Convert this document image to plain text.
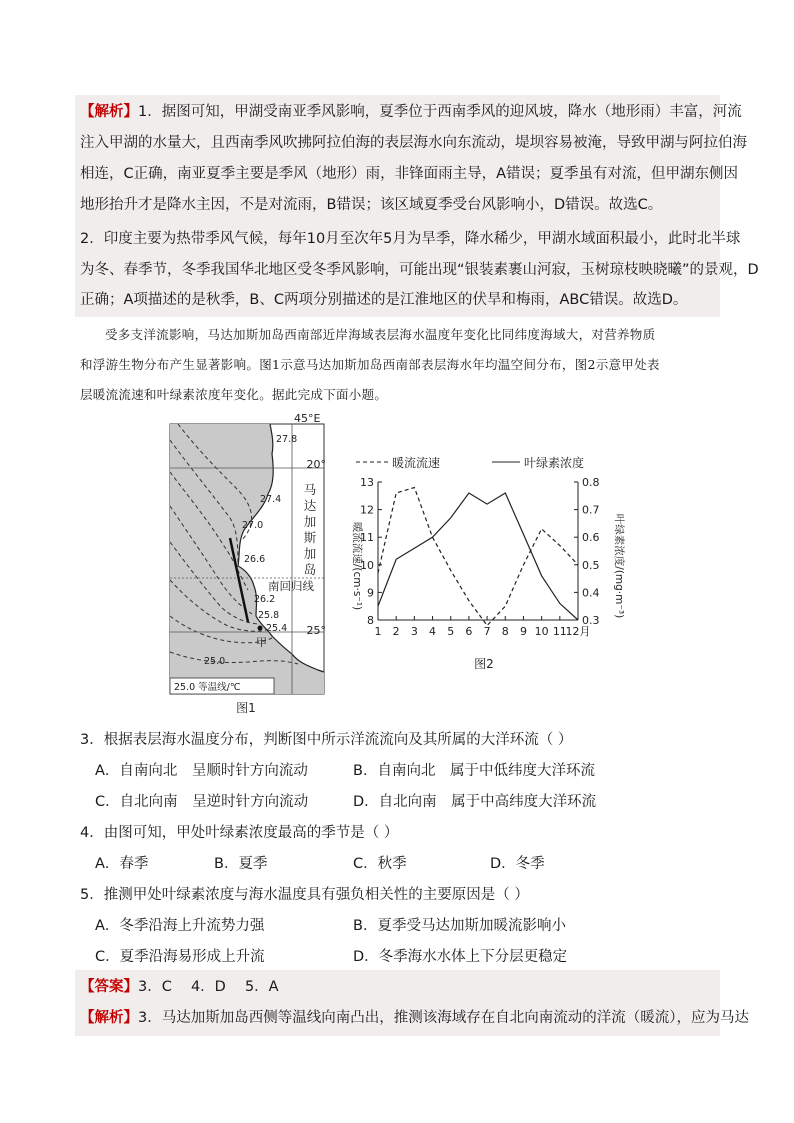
【解析】1．据图可知，甲湖受南亚季风影响，夏季位于西南季风的迎风坡，降水（地形雨）丰富，河流
注入甲湖的水量大，且西南季风吹拂阿拉伯海的表层海水向东流动，堤坝容易被淹，导致甲湖与阿拉伯海
相连，C正确，南亚夏季主要是季风（地形）雨，非锋面雨主导，A错误；夏季虽有对流，但甲湖东侧因
地形抬升才是降水主因，不是对流雨，B错误；该区域夏季受台风影响小，D错误。故选C。
2．印度主要为热带季风气候，每年10月至次年5月为旱季，降水稀少，甲湖水域面积最小，此时北半球
为冬、春季节，冬季我国华北地区受冬季风影响，可能出现“银装素裹山河寂，玉树琼枝映晓曦”的景观，D
正确；A项描述的是秋季，B、C两项分别描述的是江淮地区的伏旱和梅雨，ABC错误。故选D。
受多支洋流影响，马达加斯加岛西南部近岸海域表层海水温度年变化比同纬度海域大，对营养物质
和浮游生物分布产生显著影响。图1示意马达加斯加岛西南部表层海水年均温空间分布，图2示意甲处表
层暖流流速和叶绿素浓度年变化。据此完成下面小题。
45°E
20°
25°
马
达
加
斯
加
岛
南回归线
甲
27.8
27.4
27.0
26.6
26.2
25.8
25.4
25.0
25.0 等温线/℃
图1
8
9
10
11
12
13
0.3
0.4
0.5
0.6
0.7
0.8
1 2 3 4 5 6 7 8 9 10 11
12月
暖流流速	叶绿素浓度
暖流流速/(cm·s⁻¹)	叶绿素浓度/(mg·m⁻³)
图2
3．根据表层海水温度分布，判断图中所示洋流流向及其所属的大洋环流（ ）
A．自南向北　呈顺时针方向流动	B．自南向北　属于中低纬度大洋环流
C．自北向南　呈逆时针方向流动	D．自北向南　属于中高纬度大洋环流
4．由图可知，甲处叶绿素浓度最高的季节是（ ）
A．春季	B．夏季	C．秋季	D．冬季
5．推测甲处叶绿素浓度与海水温度具有强负相关性的主要原因是（ ）
A．冬季沿海上升流势力强	B．夏季受马达加斯加暖流影响小
C．夏季沿海易形成上升流	D．冬季海水水体上下分层更稳定
【答案】3．C　 4．D　 5．A
【解析】3．马达加斯加岛西侧等温线向南凸出，推测该海域存在自北向南流动的洋流（暖流），应为马达
